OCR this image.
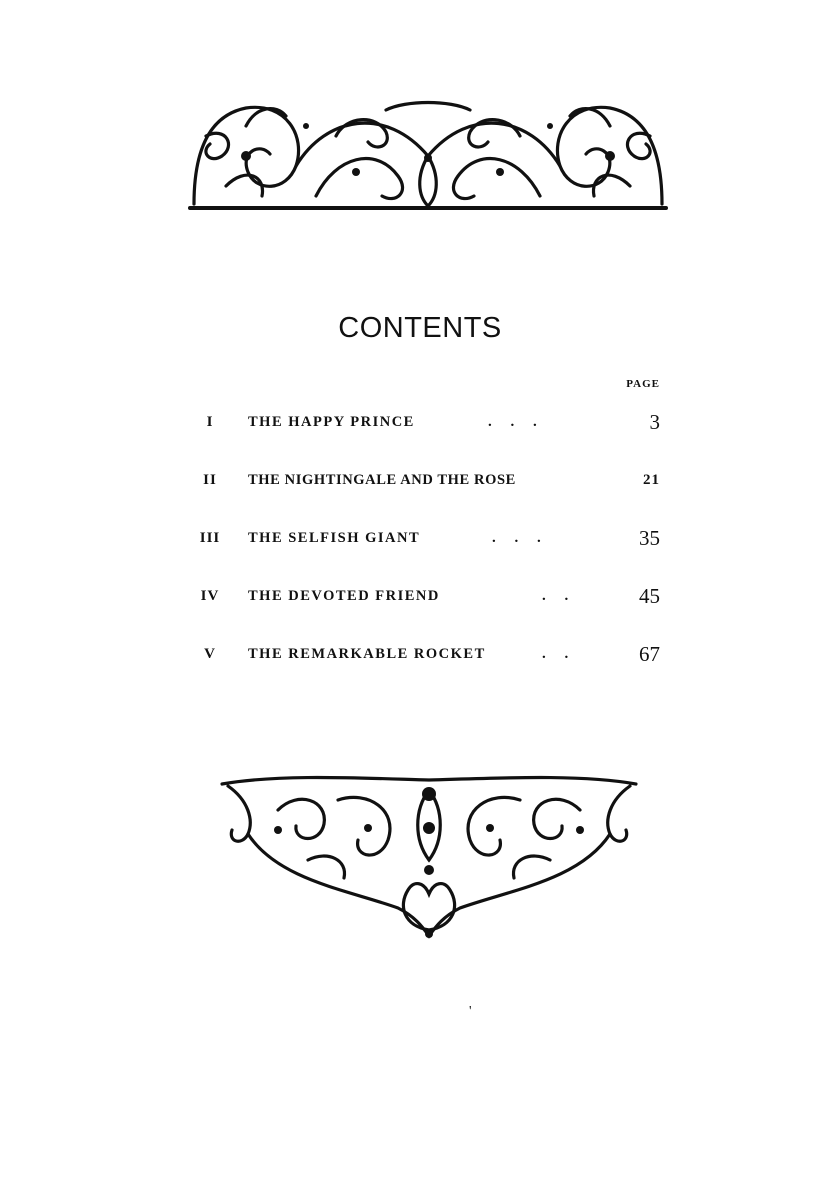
CONTENTS
PAGE
I	THE HAPPY PRINCE	.     .     .	3
II	THE NIGHTINGALE AND THE ROSE	21
III	THE SELFISH GIANT	.     .     .	35
IV	THE DEVOTED FRIEND	.     .	45
V	THE REMARKABLE ROCKET	.     .	67
'
